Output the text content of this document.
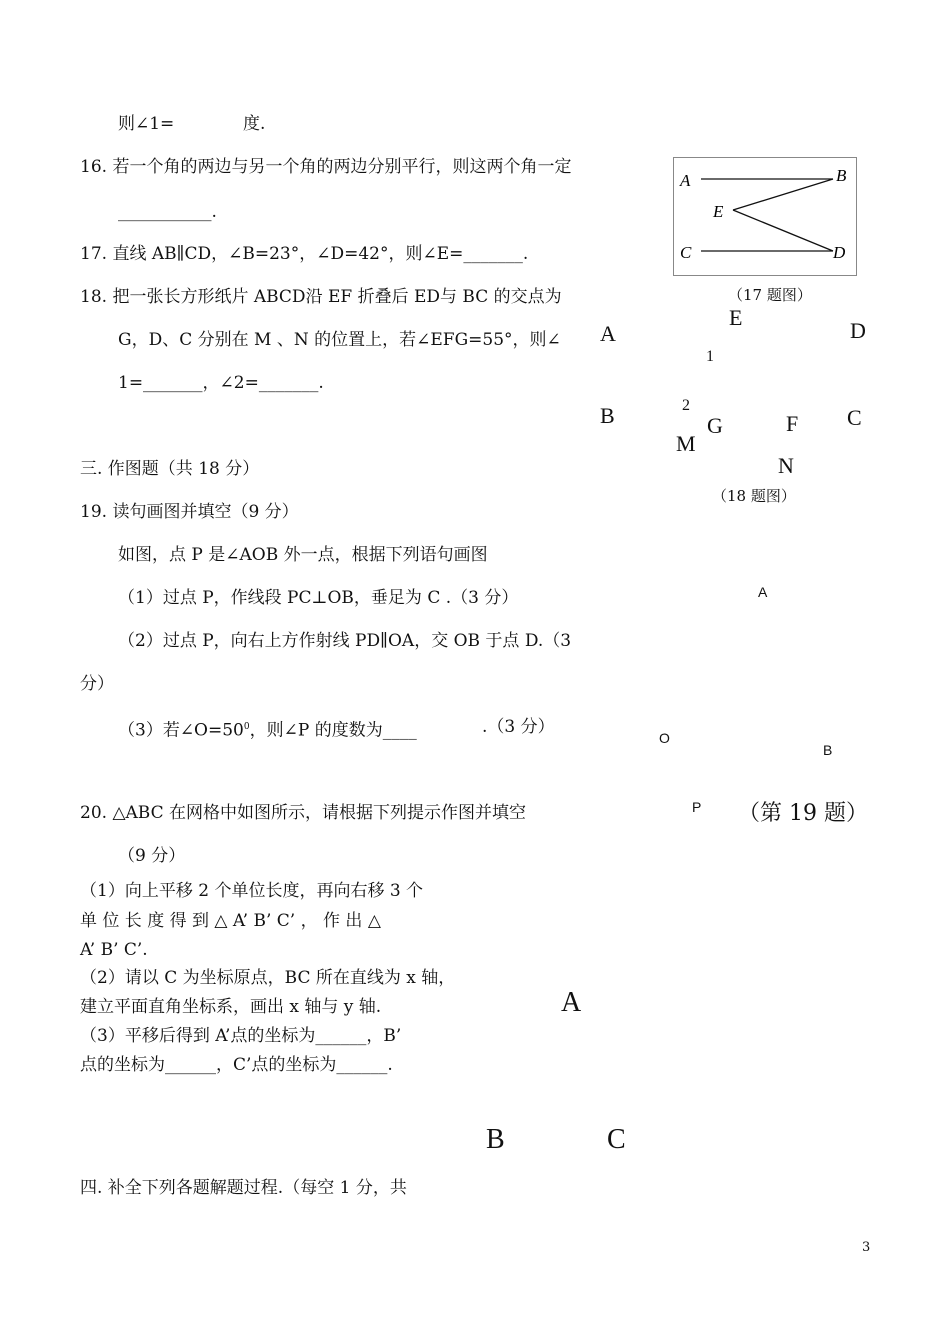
则∠1=	度.
16. 若一个角的两边与另一个角的两边分别平行，则这两个角一定
___________.
17. 直线 AB∥CD，∠B=23°，∠D=42°，则∠E=_______.
18. 把一张长方形纸片 ABCD沿 EF 折叠后 ED与 BC 的交点为
G，D、C 分别在 M 、N 的位置上，若∠EFG=55°，则∠
1=_______，∠2=_______.
三. 作图题（共 18 分）
19. 读句画图并填空（9 分）
如图，点 P 是∠AOB 外一点，根据下列语句画图
（1）过点 P，作线段 PC⊥OB，垂足为 C .（3 分）
（2）过点 P，向右上方作射线 PD∥OA，交 OB 于点 D.（3
分）
（3）若$\angle O=50^0$，则∠P 的度数为____	.（3 分）
20. △ABC 在网格中如图所示，请根据下列提示作图并填空
（9 分）
（1）向上平移 2 个单位长度，再向右移 3 个
单 位 长 度 得 到 △ A’ B’ C’ ， 作 出 △
A’ B’ C’.
（2）请以 C 为坐标原点，BC 所在直线为 x 轴，
建立平面直角坐标系，画出 x 轴与 y 轴.
（3）平移后得到 A’点的坐标为______，B’
点的坐标为______，C’点的坐标为______.
四. 补全下列各题解题过程.（每空 1 分，共
A	B
E
C	D
（17 题图）
A
E
D
1
B	2
G	F C
M
N
（18 题图）
A
O
B
P （第 19 题）
A
B	C
3
